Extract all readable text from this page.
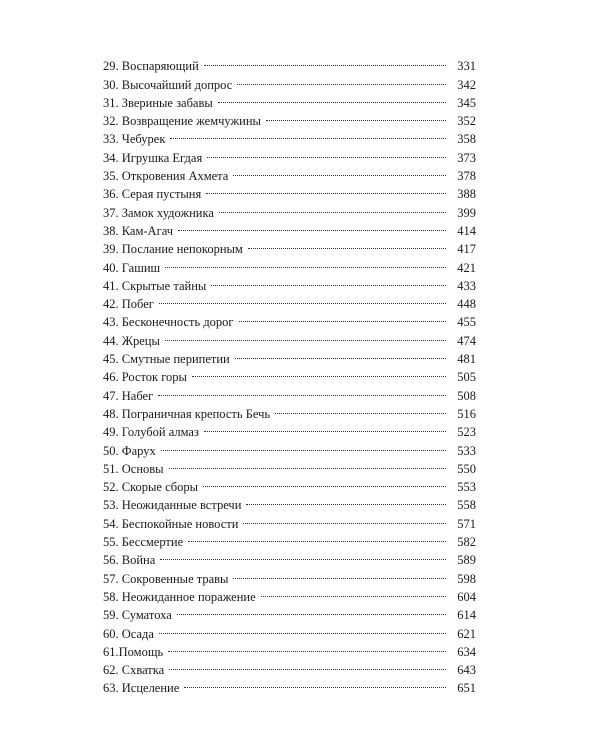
29. Воспаряющий	331
30. Высочайший допрос	342
31. Звериные забавы	345
32. Возвращение жемчужины	352
33. Чебурек	358
34. Игрушка Егдая	373
35. Откровения Ахмета	378
36. Серая пустыня	388
37. Замок художника	399
38. Кам-Агач	414
39. Послание непокорным	417
40. Гашиш	421
41. Скрытые тайны	433
42. Побег	448
43. Бесконечность дорог	455
44. Жрецы	474
45. Смутные перипетии	481
46. Росток горы	505
47. Набег	508
48. Пограничная крепость Бечь	516
49. Голубой алмаз	523
50. Фарух	533
51. Основы	550
52. Скорые сборы	553
53. Неожиданные встречи	558
54. Беспокойные новости	571
55. Бессмертие	582
56. Война	589
57. Сокровенные травы	598
58. Неожиданное поражение	604
59. Суматоха	614
60. Осада	621
61.Помощь	634
62. Схватка	643
63. Исцеление	651
